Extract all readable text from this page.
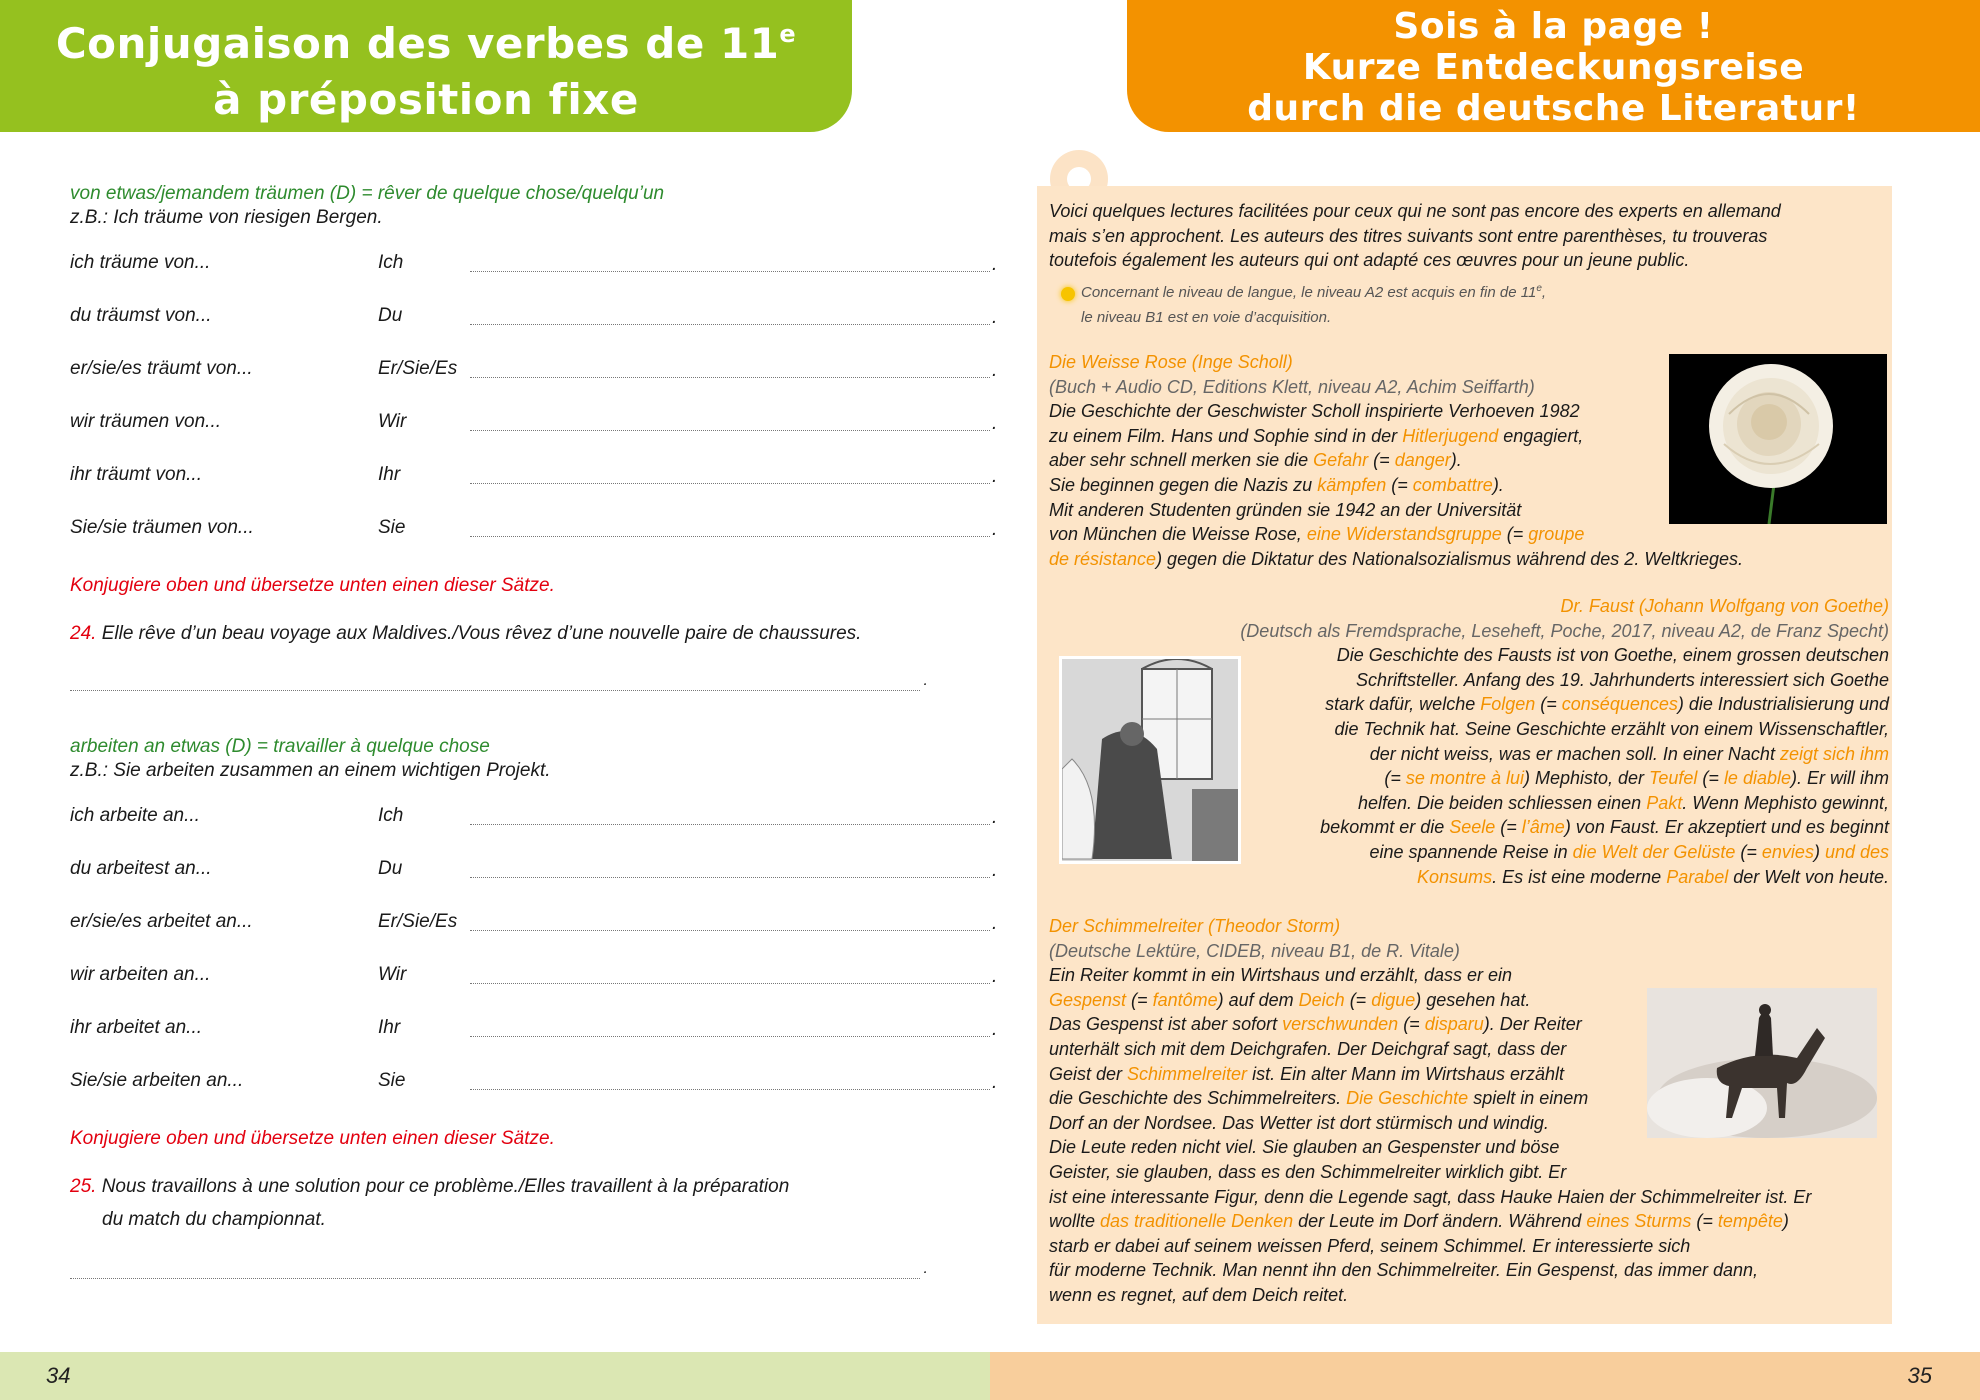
Conjugaison des verbes de 11e
à préposition fixe
von etwas/jemandem träumen (D) = rêver de quelque chose/quelqu’un
z.B.: Ich träume von riesigen Bergen.
ich träume von...	Ich	.
du träumst von...	Du	.
er/sie/es träumt von...	Er/Sie/Es	.
wir träumen von...	Wir	.
ihr träumt von...	Ihr	.
Sie/sie träumen von...	Sie	.
Konjugiere oben und übersetze unten einen dieser Sätze.
24. Elle rêve d’un beau voyage aux Maldives./Vous rêvez d’une nouvelle paire de chaussures.
.
arbeiten an etwas (D) = travailler à quelque chose
z.B.: Sie arbeiten zusammen an einem wichtigen Projekt.
ich arbeite an...	Ich	.
du arbeitest an...	Du	.
er/sie/es arbeitet an...	Er/Sie/Es	.
wir arbeiten an...	Wir	.
ihr arbeitet an...	Ihr	.
Sie/sie arbeiten an...	Sie	.
Konjugiere oben und übersetze unten einen dieser Sätze.
25. Nous travaillons à une solution pour ce problème./Elles travaillent à la préparation
du match du championnat.
.
34
Sois à la page !
Kurze Entdeckungsreise
durch die deutsche Literatur!
Voici quelques lectures facilitées pour ceux qui ne sont pas encore des experts en allemand
mais s’en approchent. Les auteurs des titres suivants sont entre parenthèses, tu trouveras
toutefois également les auteurs qui ont adapté ces œuvres pour un jeune public.
Concernant le niveau de langue, le niveau A2 est acquis en fin de 11e,
le niveau B1 est en voie d’acquisition.
Die Weisse Rose (Inge Scholl)
(Buch + Audio CD, Editions Klett, niveau A2, Achim Seiffarth)
Die Geschichte der Geschwister Scholl inspirierte Verhoeven 1982
zu einem Film. Hans und Sophie sind in der Hitlerjugend engagiert,
aber sehr schnell merken sie die Gefahr (= danger).
Sie beginnen gegen die Nazis zu kämpfen (= combattre).
Mit anderen Studenten gründen sie 1942 an der Universität
von München die Weisse Rose, eine Widerstandsgruppe (= groupe
de résistance) gegen die Diktatur des Nationalsozialismus während des 2. Weltkrieges.
Dr. Faust (Johann Wolfgang von Goethe)
(Deutsch als Fremdsprache, Leseheft, Poche, 2017, niveau A2, de Franz Specht)
Die Geschichte des Fausts ist von Goethe, einem grossen deutschen
Schriftsteller. Anfang des 19. Jahrhunderts interessiert sich Goethe
stark dafür, welche Folgen (= conséquences) die Industrialisierung und
die Technik hat. Seine Geschichte erzählt von einem Wissenschaftler,
der nicht weiss, was er machen soll. In einer Nacht zeigt sich ihm
(= se montre à lui) Mephisto, der Teufel (= le diable). Er will ihm
helfen. Die beiden schliessen einen Pakt. Wenn Mephisto gewinnt,
bekommt er die Seele (= l’âme) von Faust. Er akzeptiert und es beginnt
eine spannende Reise in die Welt der Gelüste (= envies) und des
Konsums. Es ist eine moderne Parabel der Welt von heute.
Der Schimmelreiter (Theodor Storm)
(Deutsche Lektüre, CIDEB, niveau B1, de R. Vitale)
Ein Reiter kommt in ein Wirtshaus und erzählt, dass er ein
Gespenst (= fantôme) auf dem Deich (= digue) gesehen hat.
Das Gespenst ist aber sofort verschwunden (= disparu). Der Reiter
unterhält sich mit dem Deichgrafen. Der Deichgraf sagt, dass der
Geist der Schimmelreiter ist. Ein alter Mann im Wirtshaus erzählt
die Geschichte des Schimmelreiters. Die Geschichte spielt in einem
Dorf an der Nordsee. Das Wetter ist dort stürmisch und windig.
Die Leute reden nicht viel. Sie glauben an Gespenster und böse
Geister, sie glauben, dass es den Schimmelreiter wirklich gibt. Er
ist eine interessante Figur, denn die Legende sagt, dass Hauke Haien der Schimmelreiter ist. Er
wollte das traditionelle Denken der Leute im Dorf ändern. Während eines Sturms (= tempête)
starb er dabei auf seinem weissen Pferd, seinem Schimmel. Er interessierte sich
für moderne Technik. Man nennt ihn den Schimmelreiter. Ein Gespenst, das immer dann,
wenn es regnet, auf dem Deich reitet.
35
